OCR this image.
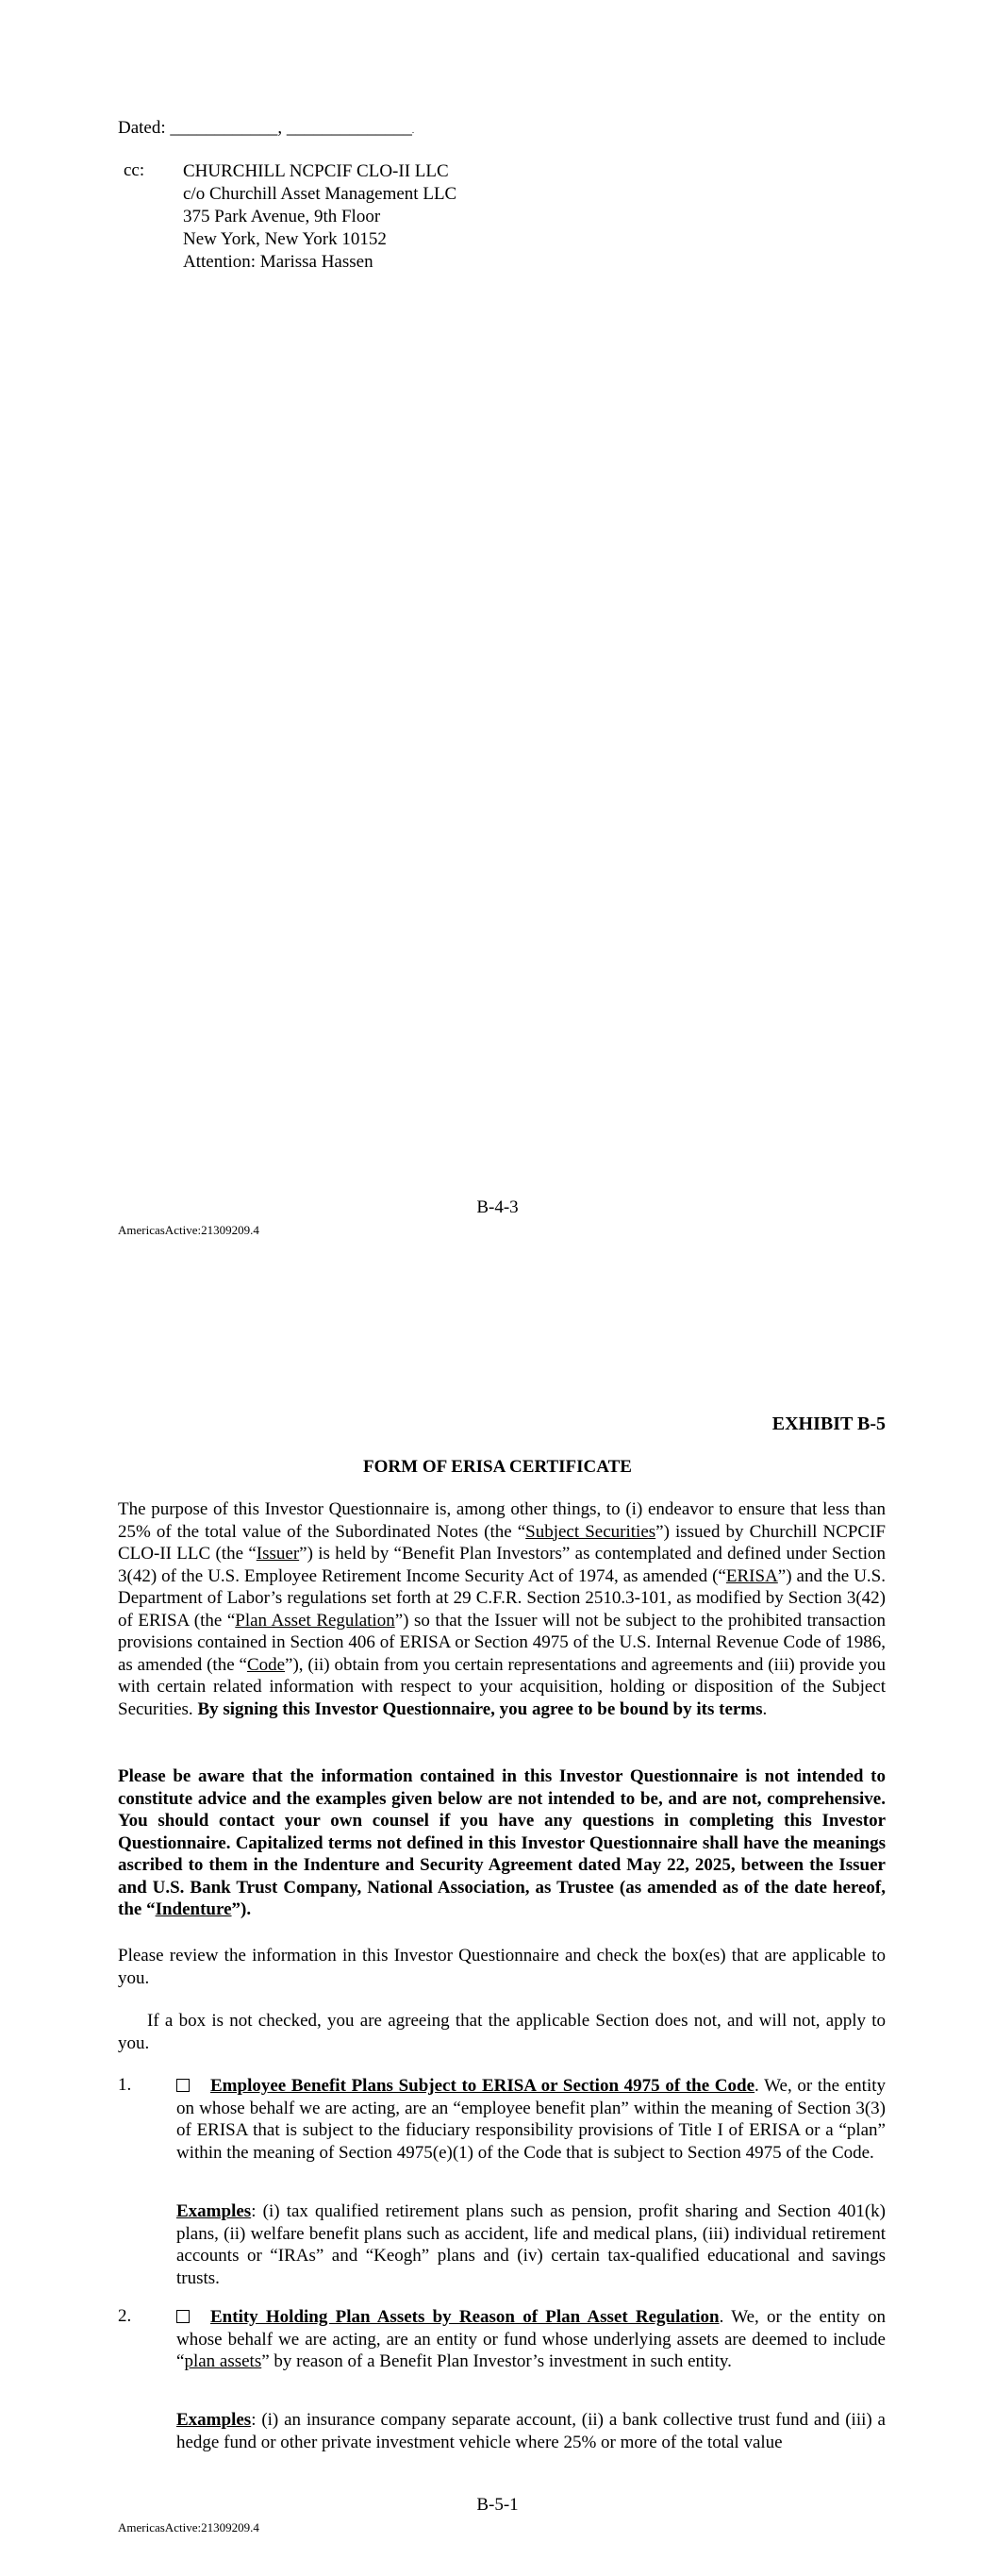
Dated: ____________, ______________.
cc: CHURCHILL NCPCIF CLO-II LLC
c/o Churchill Asset Management LLC
375 Park Avenue, 9th Floor
New York, New York 10152
Attention: Marissa Hassen
B-4-3
AmericasActive:21309209.4
EXHIBIT B-5
FORM OF ERISA CERTIFICATE
The purpose of this Investor Questionnaire is, among other things, to (i) endeavor to ensure that less than 25% of the total value of the Subordinated Notes (the “Subject Securities”) issued by Churchill NCPCIF CLO-II LLC (the “Issuer”) is held by “Benefit Plan Investors” as contemplated and defined under Section 3(42) of the U.S. Employee Retirement Income Security Act of 1974, as amended (“ERISA”) and the U.S. Department of Labor’s regulations set forth at 29 C.F.R. Section 2510.3-101, as modified by Section 3(42) of ERISA (the “Plan Asset Regulation”) so that the Issuer will not be subject to the prohibited transaction provisions contained in Section 406 of ERISA or Section 4975 of the U.S. Internal Revenue Code of 1986, as amended (the “Code”), (ii) obtain from you certain representations and agreements and (iii) provide you with certain related information with respect to your acquisition, holding or disposition of the Subject Securities. By signing this Investor Questionnaire, you agree to be bound by its terms.
Please be aware that the information contained in this Investor Questionnaire is not intended to constitute advice and the examples given below are not intended to be, and are not, comprehensive. You should contact your own counsel if you have any questions in completing this Investor Questionnaire. Capitalized terms not defined in this Investor Questionnaire shall have the meanings ascribed to them in the Indenture and Security Agreement dated May 22, 2025, between the Issuer and U.S. Bank Trust Company, National Association, as Trustee (as amended as of the date hereof, the “Indenture”).
Please review the information in this Investor Questionnaire and check the box(es) that are applicable to you.
If a box is not checked, you are agreeing that the applicable Section does not, and will not, apply to you.
1.	Employee Benefit Plans Subject to ERISA or Section 4975 of the Code. We, or the entity on whose behalf we are acting, are an “employee benefit plan” within the meaning of Section 3(3) of ERISA that is subject to the fiduciary responsibility provisions of Title I of ERISA or a “plan” within the meaning of Section 4975(e)(1) of the Code that is subject to Section 4975 of the Code.
Examples: (i) tax qualified retirement plans such as pension, profit sharing and Section 401(k) plans, (ii) welfare benefit plans such as accident, life and medical plans, (iii) individual retirement accounts or “IRAs” and “Keogh” plans and (iv) certain tax-qualified educational and savings trusts.
2.	Entity Holding Plan Assets by Reason of Plan Asset Regulation. We, or the entity on whose behalf we are acting, are an entity or fund whose underlying assets are deemed to include “plan assets” by reason of a Benefit Plan Investor’s investment in such entity.
Examples: (i) an insurance company separate account, (ii) a bank collective trust fund and (iii) a hedge fund or other private investment vehicle where 25% or more of the total value
B-5-1
AmericasActive:21309209.4
